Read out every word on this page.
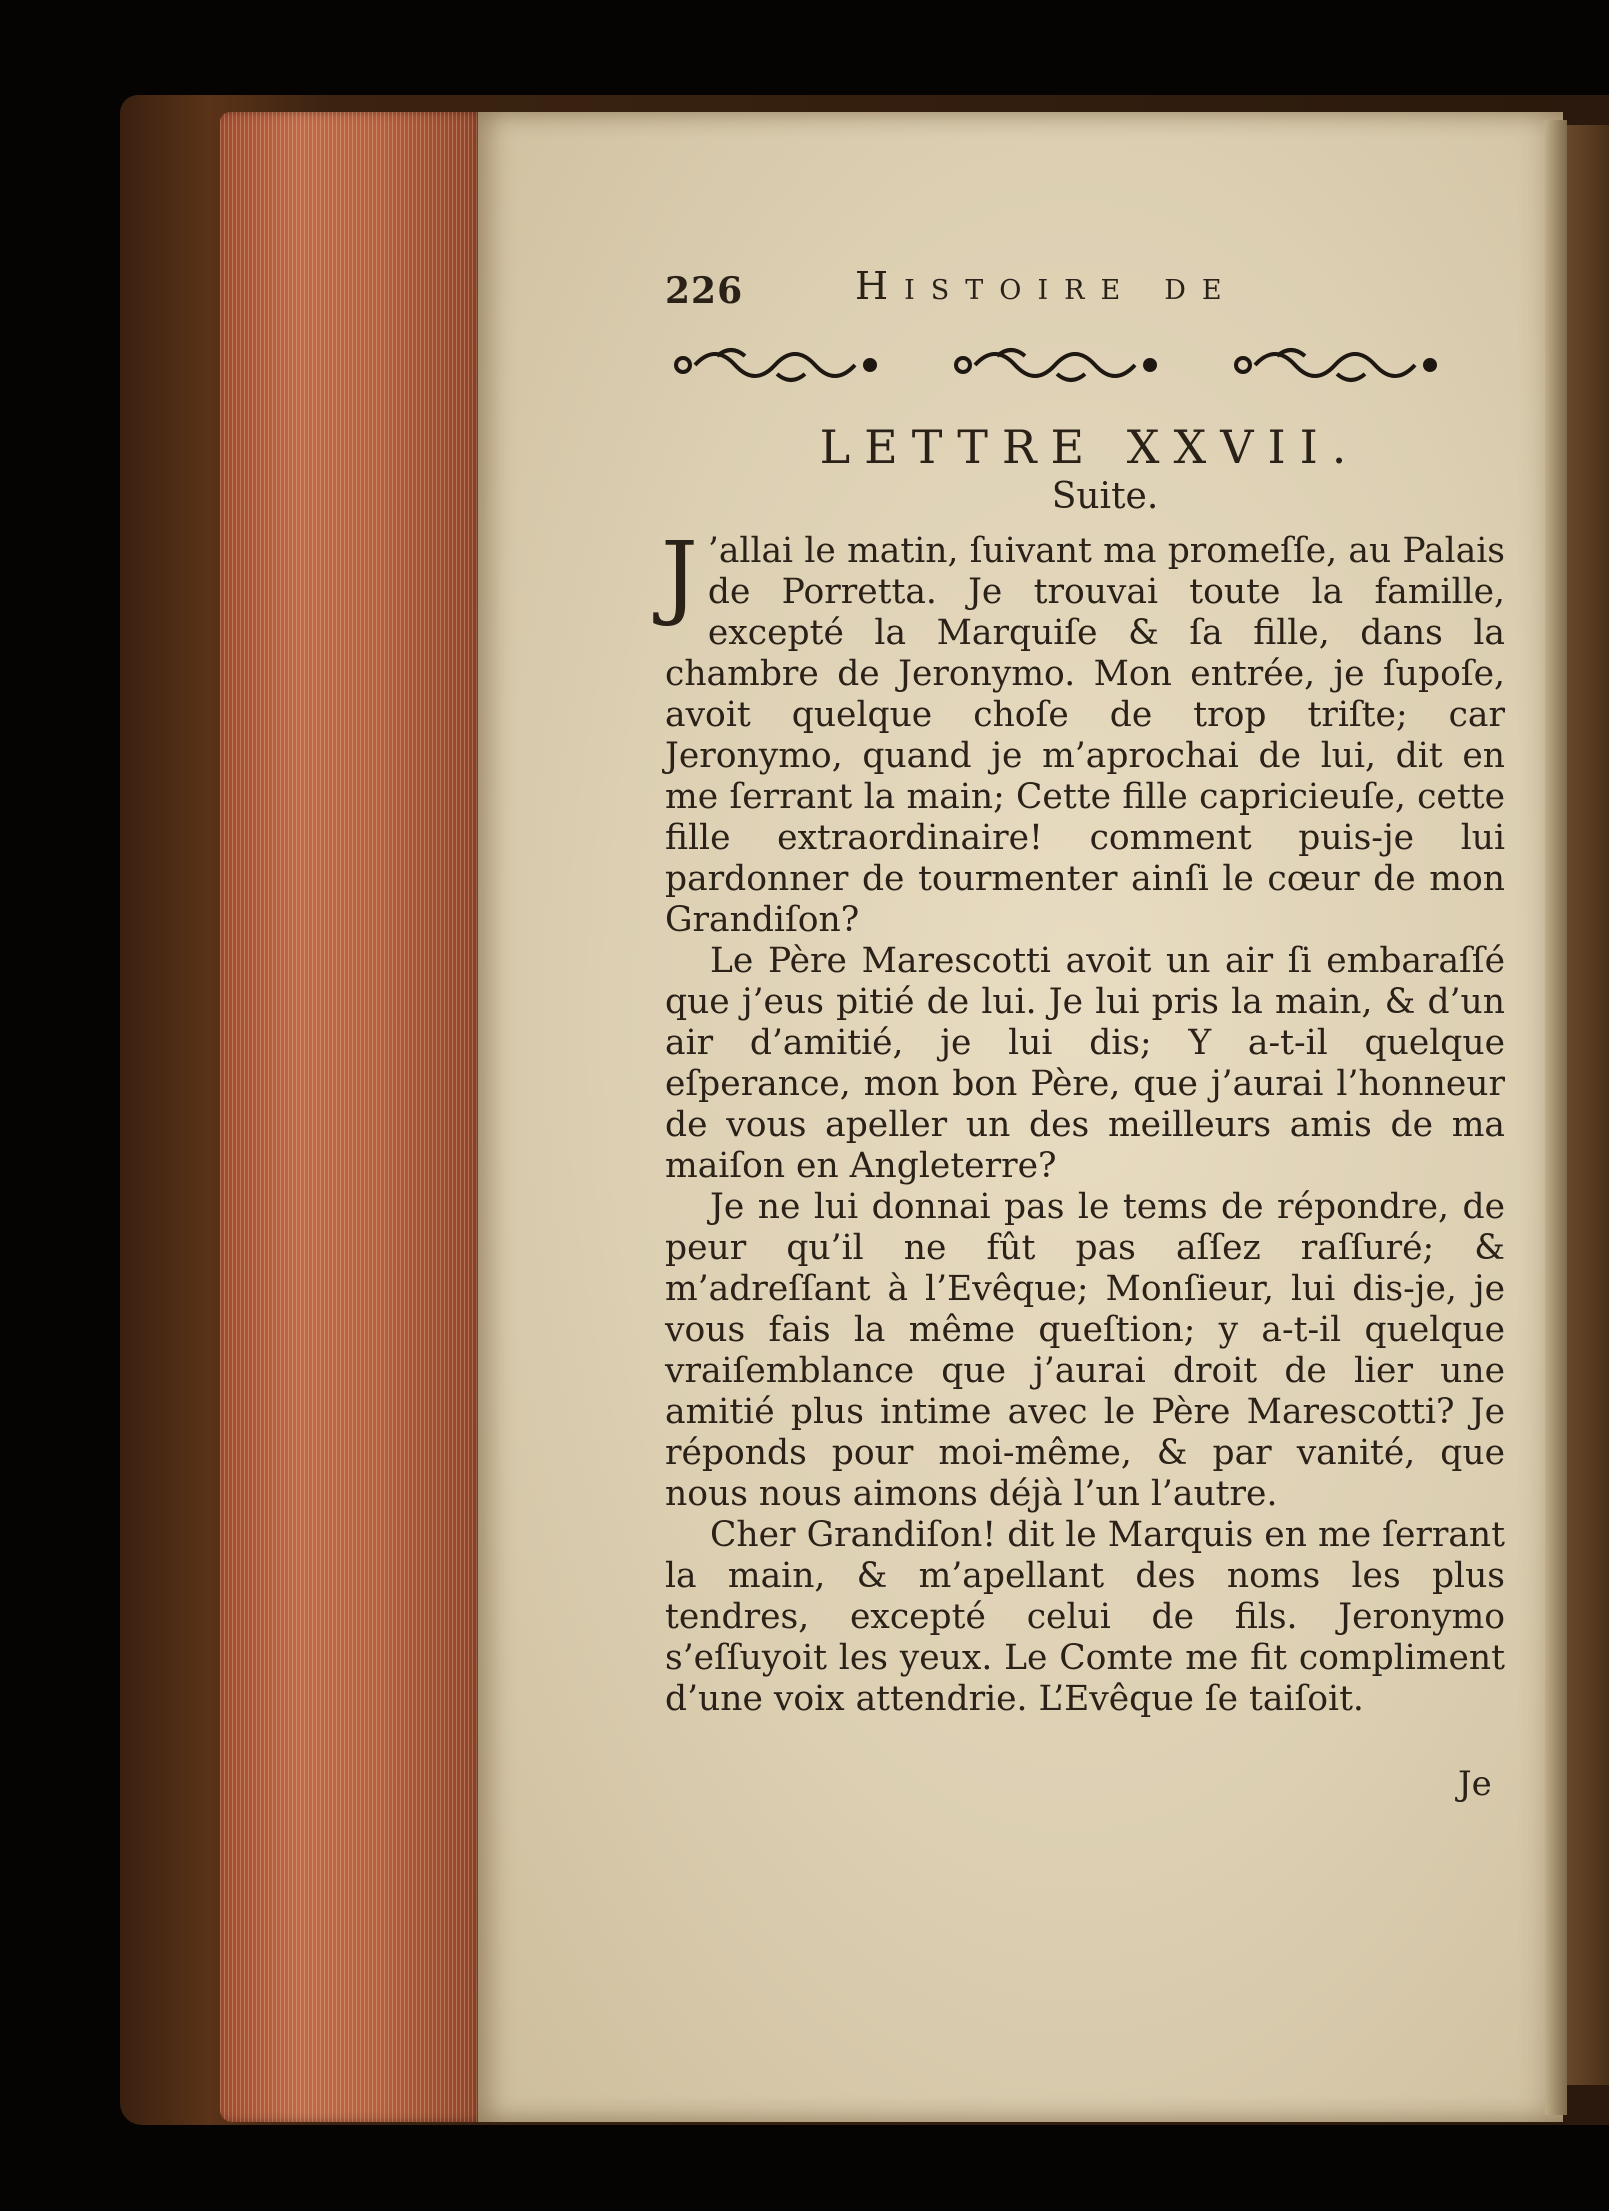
226	Histoire de
LETTRE XXVII.
Suite.

J ’allai le matin, ſuivant ma promeſſe, au Palais de Porretta. Je trouvai toute la famille, excepté la Marquiſe & ſa fille, dans la chambre de Jeronymo. Mon entrée, je ſupoſe, avoit quelque choſe de trop triſte; car Jeronymo, quand je m’aprochai de lui, dit en me ſerrant la main; Cette fille capricieuſe, cette fille extraordinaire! comment puis-je lui pardonner de tourmenter ainſi le cœur de mon Grandiſon?

Le Père Marescotti avoit un air ſi embaraſſé que j’eus pitié de lui. Je lui pris la main, & d’un air d’amitié, je lui dis; Y a-t-il quelque eſperance, mon bon Père, que j’aurai l’honneur de vous apeller un des meilleurs amis de ma maiſon en Angleterre?

Je ne lui donnai pas le tems de répondre, de peur qu’il ne fût pas aſſez raſſuré; & m’adreſſant à l’Evêque; Monſieur, lui dis-je, je vous fais la même queſtion; y a-t-il quelque vraiſemblance que j’aurai droit de lier une amitié plus intime avec le Père Marescotti? Je réponds pour moi-même, & par vanité, que nous nous aimons déjà l’un l’autre.

Cher Grandiſon! dit le Marquis en me ſerrant la main, & m’apellant des noms les plus tendres, excepté celui de fils. Jeronymo s’eſſuyoit les yeux. Le Comte me fit compliment d’une voix attendrie. L’Evêque ſe taiſoit.

Je
